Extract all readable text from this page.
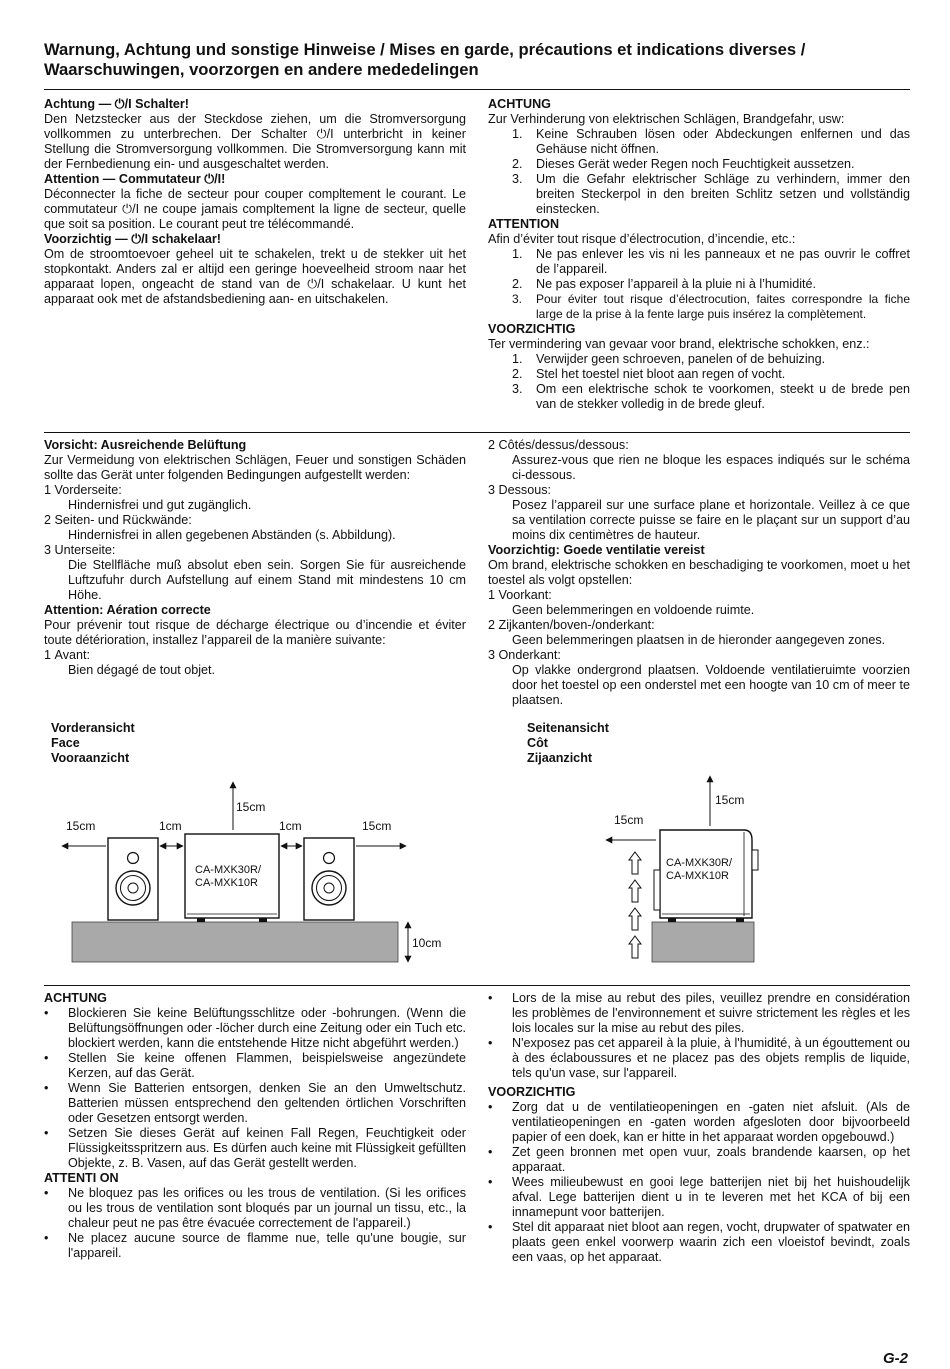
Warnung, Achtung und sonstige Hinweise / Mises en garde, précautions et indications diverses /
Waarschuwingen, voorzorgen en andere mededelingen

Achtung — ⏻/I Schalter!

Den Netzstecker aus der Steckdose ziehen, um die Stromversorgung vollkommen zu unterbrechen. Der Schalter ⏻/I unterbricht in keiner Stellung die Stromversorgung vollkommen. Die Stromversorgung kann mit der Fernbedienung ein- und ausgeschaltet werden.

Attention — Commutateur ⏻/I!

Déconnecter la fiche de secteur pour couper compltement le courant. Le commutateur ⏻/I ne coupe jamais compltement la ligne de secteur, quelle que soit sa position. Le courant peut tre télécommandé.

Voorzichtig — ⏻/I schakelaar!

Om de stroomtoevoer geheel uit te schakelen, trekt u de stekker uit het stopkontakt. Anders zal er altijd een geringe hoeveelheid stroom naar het apparaat lopen, ongeacht de stand van de ⏻/I schakelaar. U kunt het apparaat ook met de afstandsbediening aan- en uitschakelen.

ACHTUNG

Zur Verhinderung von elektrischen Schlägen, Brandgefahr, usw:

1. Keine Schrauben lösen oder Abdeckungen enlfernen und das Gehäuse nicht öffnen.
2. Dieses Gerät weder Regen noch Feuchtigkeit aussetzen.
3. Um die Gefahr elektrischer Schläge zu verhindern, immer den breiten Steckerpol in den breiten Schlitz setzen und vollständig einstecken.

ATTENTION

Afin d’éviter tout risque d’électrocution, d’incendie, etc.:

1. Ne pas enlever les vis ni les panneaux et ne pas ouvrir le coffret de l’appareil.
2. Ne pas exposer l’appareil à la pluie ni à l’humidité.
3. Pour éviter tout risque d’électrocution, faites correspondre la fiche large de la prise à la fente large puis insérez la complètement.

VOORZICHTIG

Ter vermindering van gevaar voor brand, elektrische schokken, enz.:

1. Verwijder geen schroeven, panelen of de behuizing.
2. Stel het toestel niet bloot aan regen of vocht.
3. Om een elektrische schok te voorkomen, steekt u de brede pen van de stekker volledig in de brede gleuf.

Vorsicht: Ausreichende Belüftung

Zur Vermeidung von elektrischen Schlägen, Feuer und sonstigen Schäden sollte das Gerät unter folgenden Bedingungen aufgestellt werden:

1 Vorderseite:
Hindernisfrei und gut zugänglich.
2 Seiten- und Rückwände:
Hindernisfrei in allen gegebenen Abständen (s. Abbildung).
3 Unterseite:
Die Stellfläche muß absolut eben sein. Sorgen Sie für ausreichende Luftzufuhr durch Aufstellung auf einem Stand mit mindestens 10 cm Höhe.

Attention: Aération correcte

Pour prévenir tout risque de décharge électrique ou d’incendie et éviter toute détérioration, installez l’appareil de la manière suivante:

1 Avant:
Bien dégagé de tout objet.
2 Côtés/dessus/dessous:
Assurez-vous que rien ne bloque les espaces indiqués sur le schéma ci-dessous.
3 Dessous:
Posez l’appareil sur une surface plane et horizontale. Veillez à ce que sa ventilation correcte puisse se faire en le plaçant sur un support d’au moins dix centimètres de hauteur.

Voorzichtig: Goede ventilatie vereist

Om brand, elektrische schokken en beschadiging te voorkomen, moet u het toestel als volgt opstellen:

1 Voorkant:
Geen belemmeringen en voldoende ruimte.
2 Zijkanten/boven-/onderkant:
Geen belemmeringen plaatsen in de hieronder aangegeven zones.
3 Onderkant:
Op vlakke ondergrond plaatsen. Voldoende ventilatieruimte voorzien door het toestel op een onderstel met een hoogte van 10 cm of meer te plaatsen.
Vorderansicht
Face
Vooraanzicht
Seitenansicht
Côt
Zijaanzicht
CA-MXK30R/
CA-MXK10R
15cm	1cm
15cm
1cm	15cm
10cm
CA-MXK30R/
CA-MXK10R
15cm
15cm

ACHTUNG

• Blockieren Sie keine Belüftungsschlitze oder -bohrungen. (Wenn die Belüftungsöffnungen oder -löcher durch eine Zeitung oder ein Tuch etc. blockiert werden, kann die entstehende Hitze nicht abgeführt werden.)
• Stellen Sie keine offenen Flammen, beispielsweise angezündete Kerzen, auf das Gerät.
• Wenn Sie Batterien entsorgen, denken Sie an den Umweltschutz. Batterien müssen entsprechend den geltenden örtlichen Vorschriften oder Gesetzen entsorgt werden.
• Setzen Sie dieses Gerät auf keinen Fall Regen, Feuchtigkeit oder Flüssigkeitsspritzern aus. Es dürfen auch keine mit Flüssigkeit gefüllten Objekte, z. B. Vasen, auf das Gerät gestellt werden.

ATTENTI ON

• Ne bloquez pas les orifices ou les trous de ventilation. (Si les orifices ou les trous de ventilation sont bloqués par un journal un tissu, etc., la chaleur peut ne pas être évacuée correctement de l'appareil.)
• Ne placez aucune source de flamme nue, telle qu'une bougie, sur l'appareil.
• Lors de la mise au rebut des piles, veuillez prendre en considération les problèmes de l'environnement et suivre strictement les règles et les lois locales sur la mise au rebut des piles.
• N'exposez pas cet appareil à la pluie, à l'humidité, à un égouttement ou à des éclaboussures et ne placez pas des objets remplis de liquide, tels qu'un vase, sur l'appareil.

VOORZICHTIG

• Zorg dat u de ventilatieopeningen en -gaten niet afsluit. (Als de ventilatieopeningen en -gaten worden afgesloten door bijvoorbeeld papier of een doek, kan er hitte in het apparaat worden opgebouwd.)
• Zet geen bronnen met open vuur, zoals brandende kaarsen, op het apparaat.
• Wees milieubewust en gooi lege batterijen niet bij het huishoudelijk afval. Lege batterijen dient u in te leveren met het KCA of bij een innamepunt voor batterijen.
• Stel dit apparaat niet bloot aan regen, vocht, drupwater of spatwater en plaats geen enkel voorwerp waarin zich een vloeistof bevindt, zoals een vaas, op het apparaat.
G-2
